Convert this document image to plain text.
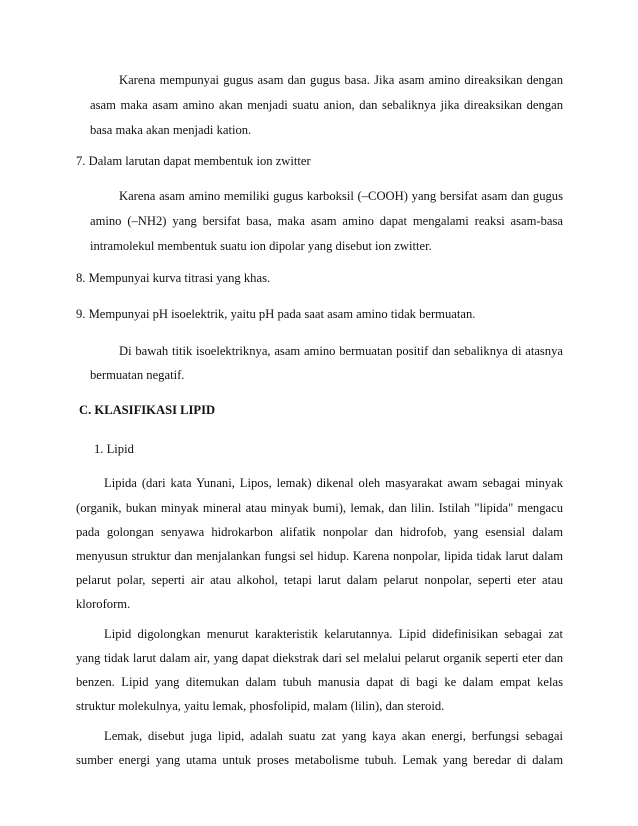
Karena mempunyai gugus asam dan gugus basa. Jika asam amino direaksikan dengan
asam maka asam amino akan menjadi suatu anion, dan sebaliknya jika direaksikan dengan
basa maka akan menjadi kation.
7. Dalam larutan dapat membentuk ion zwitter
Karena asam amino memiliki gugus karboksil (–COOH) yang bersifat asam dan gugus
amino (–NH2) yang bersifat basa, maka asam amino dapat mengalami reaksi asam-basa
intramolekul membentuk suatu ion dipolar yang disebut ion zwitter.
8. Mempunyai kurva titrasi yang khas.
9. Mempunyai pH isoelektrik, yaitu pH pada saat asam amino tidak bermuatan.
Di bawah titik isoelektriknya, asam amino bermuatan positif dan sebaliknya di atasnya
bermuatan negatif.
C. KLASIFIKASI LIPID
1. Lipid
Lipida (dari kata Yunani, Lipos, lemak) dikenal oleh masyarakat awam sebagai minyak
(organik, bukan minyak mineral atau minyak bumi), lemak, dan lilin. Istilah "lipida" mengacu
pada golongan senyawa hidrokarbon alifatik nonpolar dan hidrofob, yang esensial dalam
menyusun struktur dan menjalankan fungsi sel hidup. Karena nonpolar, lipida tidak larut dalam
pelarut polar, seperti air atau alkohol, tetapi larut dalam pelarut nonpolar, seperti eter atau
kloroform.
Lipid digolongkan menurut karakteristik kelarutannya. Lipid didefinisikan sebagai zat
yang tidak larut dalam air, yang dapat diekstrak dari sel melalui pelarut organik seperti eter dan
benzen. Lipid yang ditemukan dalam tubuh manusia dapat di bagi ke dalam empat kelas
struktur molekulnya, yaitu lemak, phosfolipid, malam (lilin), dan steroid.
Lemak, disebut juga lipid, adalah suatu zat yang kaya akan energi, berfungsi sebagai
sumber energi yang utama untuk proses metabolisme tubuh. Lemak yang beredar di dalam
